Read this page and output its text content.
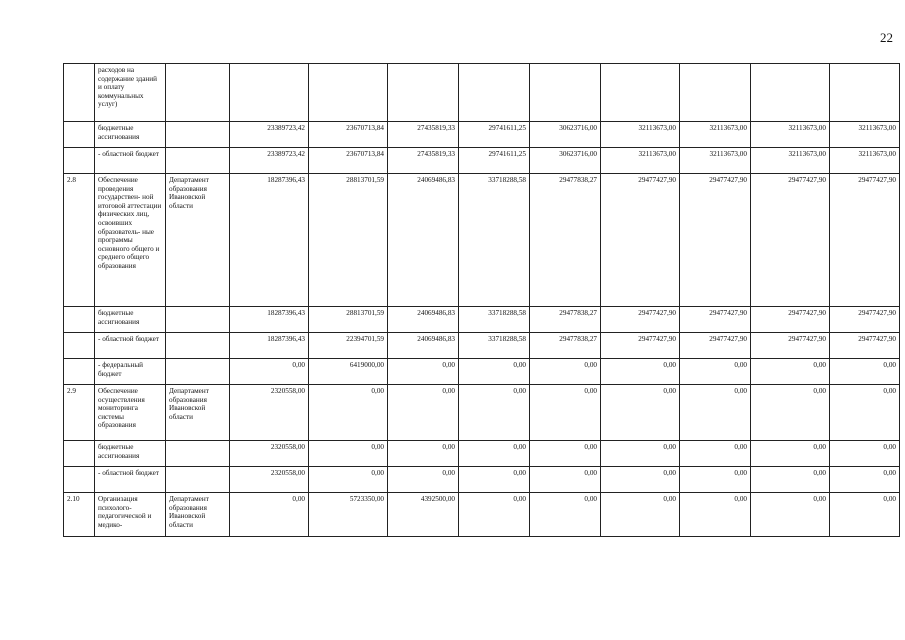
22
	расходов на содержание зданий и оплату коммунальных услуг)										
	бюджетные ассигнования		23389723,42	23670713,84	27435819,33	29741611,25	30623716,00	32113673,00	32113673,00	32113673,00	32113673,00
	- областной бюджет		23389723,42	23670713,84	27435819,33	29741611,25	30623716,00	32113673,00	32113673,00	32113673,00	32113673,00
2.8	Обеспечение проведения государствен- ной итоговой аттестации физических лиц, освоивших образователь- ные программы основного общего и среднего общего образования	Департамент образования Ивановской области	18287396,43	28813701,59	24069486,83	33718288,58	29477838,27	29477427,90	29477427,90	29477427,90	29477427,90
	бюджетные ассигнования		18287396,43	28813701,59	24069486,83	33718288,58	29477838,27	29477427,90	29477427,90	29477427,90	29477427,90
	- областной бюджет		18287396,43	22394701,59	24069486,83	33718288,58	29477838,27	29477427,90	29477427,90	29477427,90	29477427,90
	- федеральный бюджет		0,00	6419000,00	0,00	0,00	0,00	0,00	0,00	0,00	0,00
2.9	Обеспечение осуществления мониторинга системы образования	Департамент образования Ивановской области	2320558,00	0,00	0,00	0,00	0,00	0,00	0,00	0,00	0,00
	бюджетные ассигнования		2320558,00	0,00	0,00	0,00	0,00	0,00	0,00	0,00	0,00
	- областной бюджет		2320558,00	0,00	0,00	0,00	0,00	0,00	0,00	0,00	0,00
2.10	Организация психолого- педагогической и медико-	Департамент образования Ивановской области	0,00	5723350,00	4392500,00	0,00	0,00	0,00	0,00	0,00	0,00
